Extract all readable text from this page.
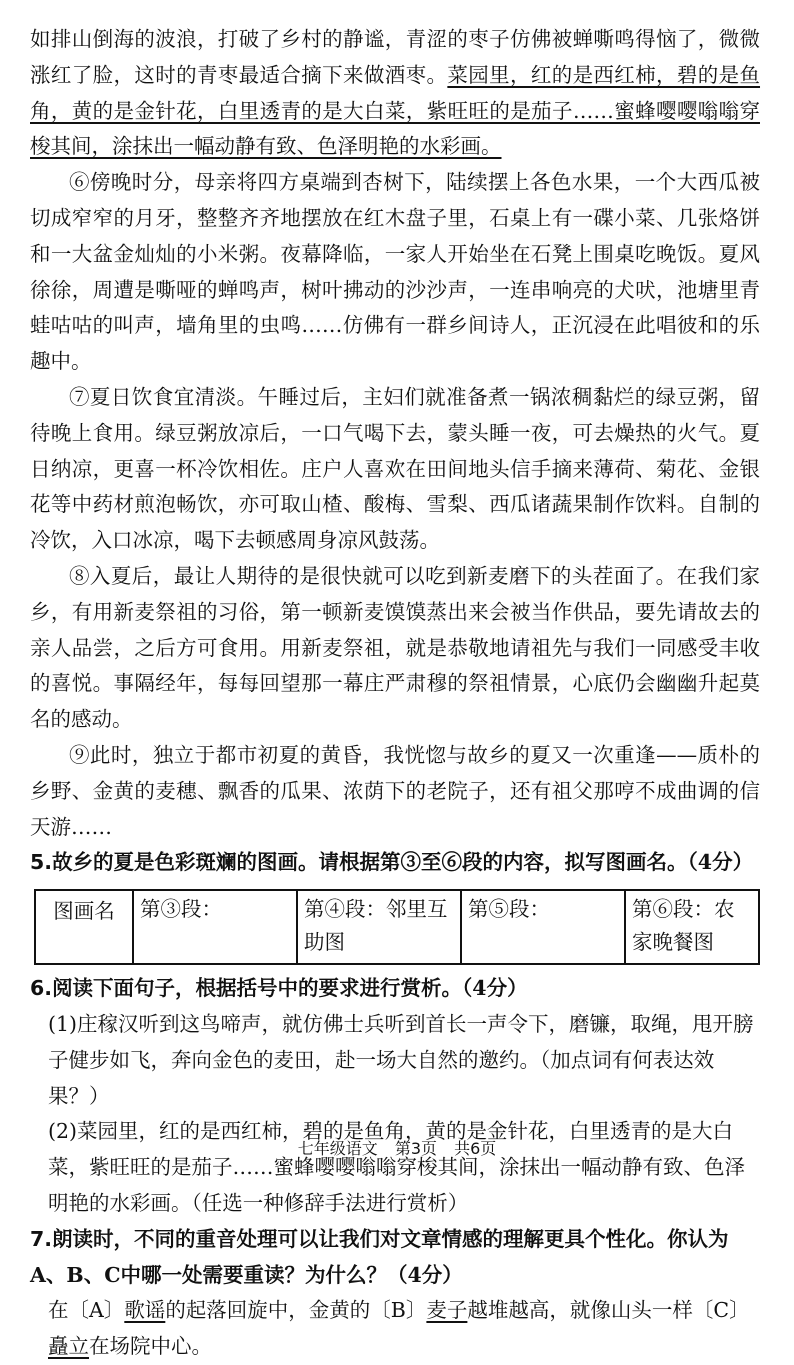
如排山倒海的波浪，打破了乡村的静谧，青涩的枣子仿佛被蝉嘶鸣得恼了，微微涨红了脸，这时的青枣最适合摘下来做酒枣。菜园里，红的是西红柿，碧的是鱼角，黄的是金针花，白里透青的是大白菜，紫旺旺的是茄子……蜜蜂嘤嘤嗡嗡穿梭其间，涂抹出一幅动静有致、色泽明艳的水彩画。

⑥傍晚时分，母亲将四方桌端到杏树下，陆续摆上各色水果，一个大西瓜被切成窄窄的月牙，整整齐齐地摆放在红木盘子里，石桌上有一碟小菜、几张烙饼和一大盆金灿灿的小米粥。夜幕降临，一家人开始坐在石凳上围桌吃晚饭。夏风徐徐，周遭是嘶哑的蝉鸣声，树叶拂动的沙沙声，一连串响亮的犬吠，池塘里青蛙咕咕的叫声，墙角里的虫鸣……仿佛有一群乡间诗人，正沉浸在此唱彼和的乐趣中。

⑦夏日饮食宜清淡。午睡过后，主妇们就准备煮一锅浓稠黏烂的绿豆粥，留待晚上食用。绿豆粥放凉后，一口气喝下去，蒙头睡一夜，可去燥热的火气。夏日纳凉，更喜一杯冷饮相佐。庄户人喜欢在田间地头信手摘来薄荷、菊花、金银花等中药材煎泡畅饮，亦可取山楂、酸梅、雪梨、西瓜诸蔬果制作饮料。自制的冷饮，入口冰凉，喝下去顿感周身凉风鼓荡。

⑧入夏后，最让人期待的是很快就可以吃到新麦磨下的头茬面了。在我们家乡，有用新麦祭祖的习俗，第一顿新麦馍馍蒸出来会被当作供品，要先请故去的亲人品尝，之后方可食用。用新麦祭祖，就是恭敬地请祖先与我们一同感受丰收的喜悦。事隔经年，每每回望那一幕庄严肃穆的祭祖情景，心底仍会幽幽升起莫名的感动。

⑨此时，独立于都市初夏的黄昏，我恍惚与故乡的夏又一次重逢——质朴的乡野、金黄的麦穗、飘香的瓜果、浓荫下的老院子，还有祖父那哼不成曲调的信天游……

5.故乡的夏是色彩斑斓的图画。请根据第③至⑥段的内容，拟写图画名。（4分）

图画名	第③段：	第④段：邻里互助图	第⑤段：	第⑥段：农家晚餐图

6.阅读下面句子，根据括号中的要求进行赏析。（4分）

(1)庄稼汉听到这鸟啼声，就仿佛士兵听到首长一声令下，磨镰，取绳，甩开膀子健步如飞，奔向金色的麦田，赴一场大自然的邀约。（加点词有何表达效果？）

(2)菜园里，红的是西红柿，碧的是鱼角，黄的是金针花，白里透青的是大白菜，紫旺旺的是茄子……蜜蜂嘤嘤嗡嗡穿梭其间，涂抹出一幅动静有致、色泽明艳的水彩画。（任选一种修辞手法进行赏析）

7.朗读时，不同的重音处理可以让我们对文章情感的理解更具个性化。你认为A、B、C中哪一处需要重读？为什么？（4分）

在〔A〕歌谣的起落回旋中，金黄的〔B〕麦子越堆越高，就像山头一样〔C〕矗立在场院中心。

七年级语文 第3页 共6页
